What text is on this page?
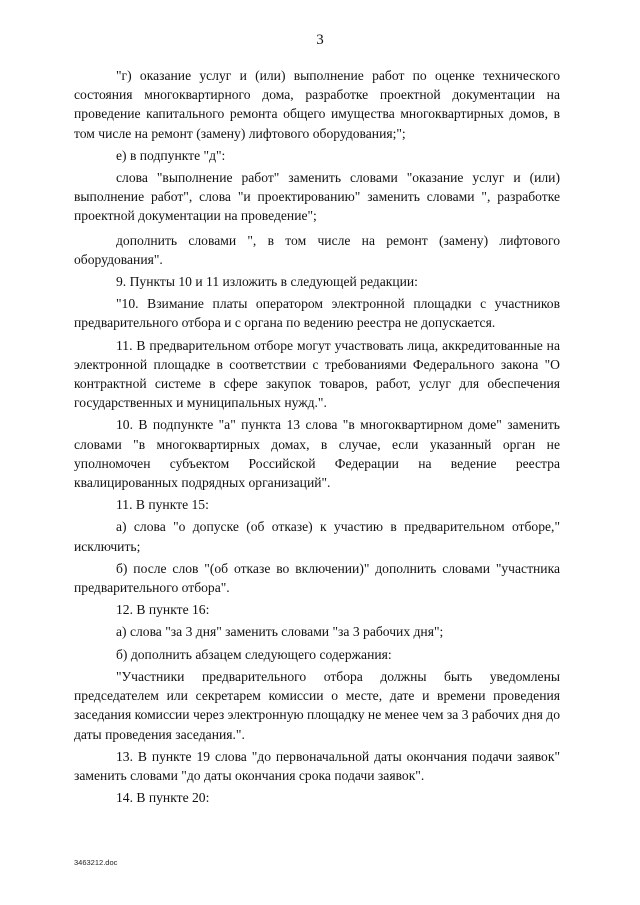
3

"г) оказание услуг и (или) выполнение работ по оценке технического состояния многоквартирного дома, разработке проектной документации на проведение капитального ремонта общего имущества многоквартирных домов, в том числе на ремонт (замену) лифтового оборудования;";

е) в подпункте "д":

слова "выполнение работ" заменить словами "оказание услуг и (или) выполнение работ", слова "и проектированию" заменить словами ", разработке проектной документации на проведение";

дополнить словами ", в том числе на ремонт (замену) лифтового оборудования".

9. Пункты 10 и 11 изложить в следующей редакции:

"10. Взимание платы оператором электронной площадки с участников предварительного отбора и с органа по ведению реестра не допускается.

11. В предварительном отборе могут участвовать лица, аккредитованные на электронной площадке в соответствии с требованиями Федерального закона "О контрактной системе в сфере закупок товаров, работ, услуг для обеспечения государственных и муниципальных нужд.".

10. В подпункте "а" пункта 13 слова "в многоквартирном доме" заменить словами "в многоквартирных домах, в случае, если указанный орган не уполномочен субъектом Российской Федерации на ведение реестра квалицированных подрядных организаций".

11. В пункте 15:

а) слова "о допуске (об отказе) к участию в предварительном отборе," исключить;

б) после слов "(об отказе во включении)" дополнить словами "участника предварительного отбора".

12. В пункте 16:

а) слова "за 3 дня" заменить словами "за 3 рабочих дня";

б) дополнить абзацем следующего содержания:

"Участники предварительного отбора должны быть уведомлены председателем или секретарем комиссии о месте, дате и времени проведения заседания комиссии через электронную площадку не менее чем за 3 рабочих дня до даты проведения заседания.".

13. В пункте 19 слова "до первоначальной даты окончания подачи заявок" заменить словами "до даты окончания срока подачи заявок".

14. В пункте 20:

3463212.doc
